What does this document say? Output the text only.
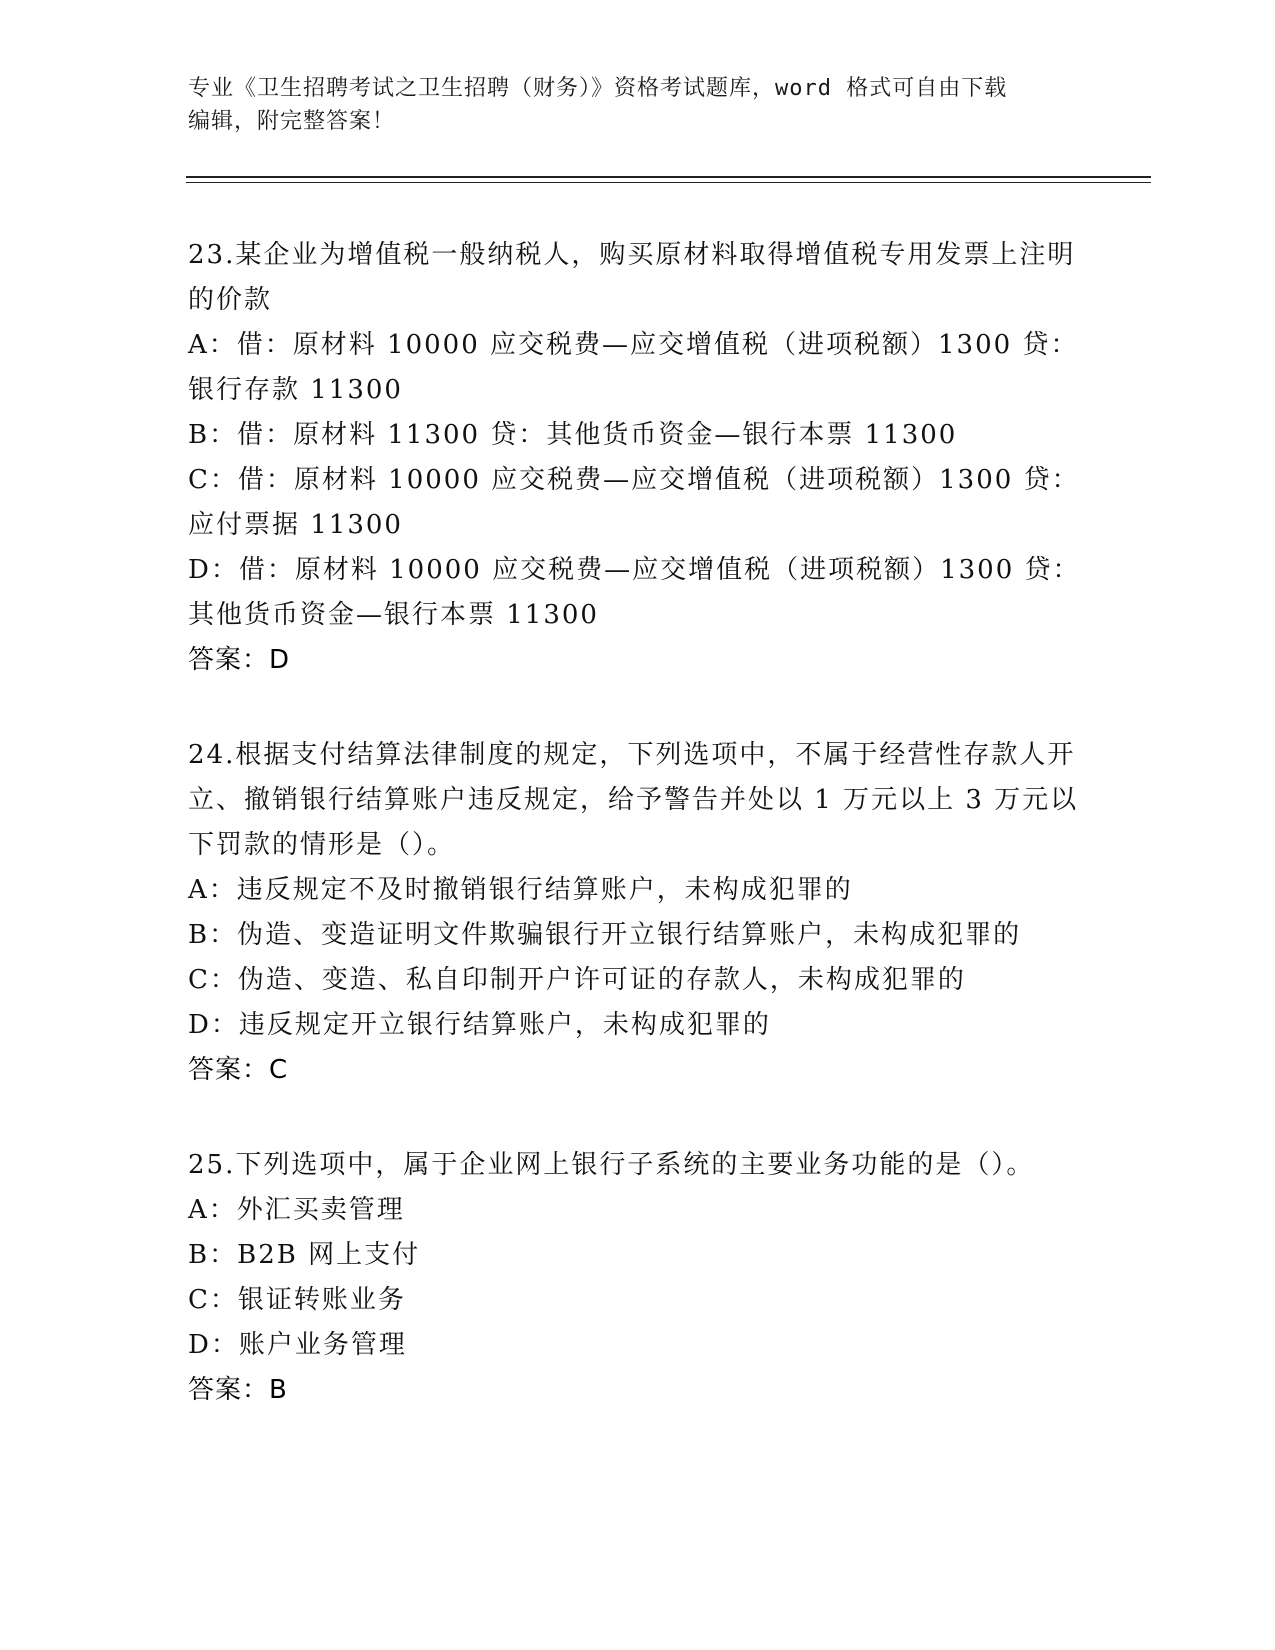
专业《卫生招聘考试之卫生招聘（财务）》资格考试题库，word 格式可自由下载
编辑，附完整答案！
23.某企业为增值税一般纳税人，购买原材料取得增值税专用发票上注明的价款
A：借：原材料 10000 应交税费—应交增值税（进项税额）1300 贷：银行存款 11300
B：借：原材料 11300 贷：其他货币资金—银行本票 11300
C：借：原材料 10000 应交税费—应交增值税（进项税额）1300 贷：应付票据 11300
D：借：原材料 10000 应交税费—应交增值税（进项税额）1300 贷：其他货币资金—银行本票 11300
答案：D
24.根据支付结算法律制度的规定，下列选项中，不属于经营性存款人开立、撤销银行结算账户违反规定，给予警告并处以 1 万元以上 3 万元以下罚款的情形是（）。
A：违反规定不及时撤销银行结算账户，未构成犯罪的
B：伪造、变造证明文件欺骗银行开立银行结算账户，未构成犯罪的
C：伪造、变造、私自印制开户许可证的存款人，未构成犯罪的
D：违反规定开立银行结算账户，未构成犯罪的
答案：C
25.下列选项中，属于企业网上银行子系统的主要业务功能的是（）。
A：外汇买卖管理
B：B2B 网上支付
C：银证转账业务
D：账户业务管理
答案：B
